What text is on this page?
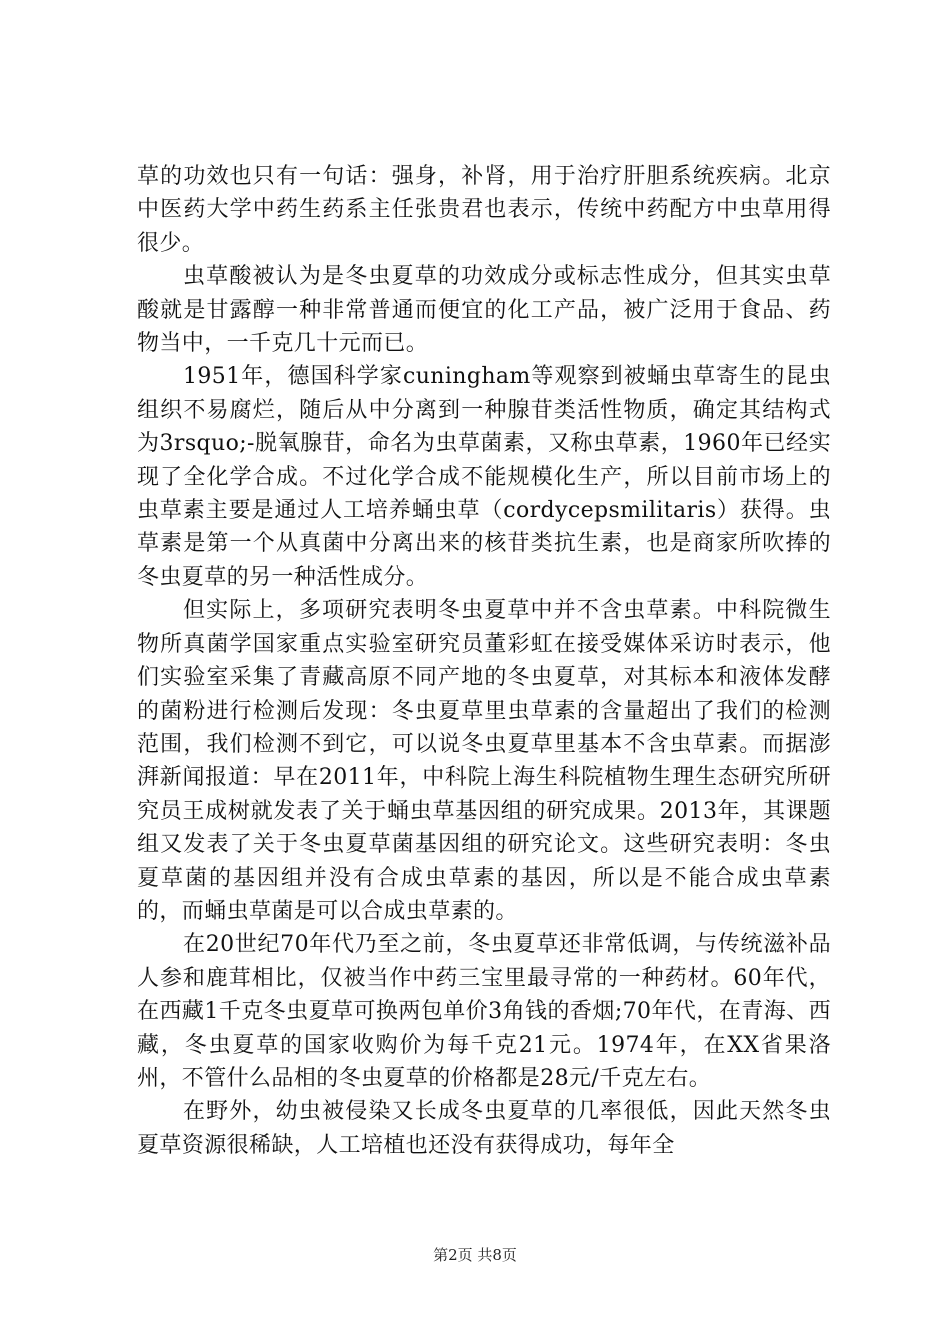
草的功效也只有一句话：强身，补肾，用于治疗肝胆系统疾病。北京中医药大学中药生药系主任张贵君也表示，传统中药配方中虫草用得很少。

虫草酸被认为是冬虫夏草的功效成分或标志性成分，但其实虫草酸就是甘露醇一种非常普通而便宜的化工产品，被广泛用于食品、药物当中，一千克几十元而已。

1951年，德国科学家cuningham等观察到被蛹虫草寄生的昆虫组织不易腐烂，随后从中分离到一种腺苷类活性物质，确定其结构式为3rsquo;-脱氧腺苷，命名为虫草菌素，又称虫草素，1960年已经实现了全化学合成。不过化学合成不能规模化生产，所以目前市场上的虫草素主要是通过人工培养蛹虫草（cordycepsmilitaris）获得。虫草素是第一个从真菌中分离出来的核苷类抗生素，也是商家所吹捧的冬虫夏草的另一种活性成分。

但实际上，多项研究表明冬虫夏草中并不含虫草素。中科院微生物所真菌学国家重点实验室研究员董彩虹在接受媒体采访时表示，他们实验室采集了青藏高原不同产地的冬虫夏草，对其标本和液体发酵的菌粉进行检测后发现：冬虫夏草里虫草素的含量超出了我们的检测范围，我们检测不到它，可以说冬虫夏草里基本不含虫草素。而据澎湃新闻报道：早在2011年，中科院上海生科院植物生理生态研究所研究员王成树就发表了关于蛹虫草基因组的研究成果。2013年，其课题组又发表了关于冬虫夏草菌基因组的研究论文。这些研究表明：冬虫夏草菌的基因组并没有合成虫草素的基因，所以是不能合成虫草素的，而蛹虫草菌是可以合成虫草素的。

在20世纪70年代乃至之前，冬虫夏草还非常低调，与传统滋补品人参和鹿茸相比，仅被当作中药三宝里最寻常的一种药材。60年代，在西藏1千克冬虫夏草可换两包单价3角钱的香烟;70年代，在青海、西藏，冬虫夏草的国家收购价为每千克21元。1974年，在XX省果洛州，不管什么品相的冬虫夏草的价格都是28元/千克左右。

在野外，幼虫被侵染又长成冬虫夏草的几率很低，因此天然冬虫夏草资源很稀缺，人工培植也还没有获得成功，每年全

第2页 共8页
